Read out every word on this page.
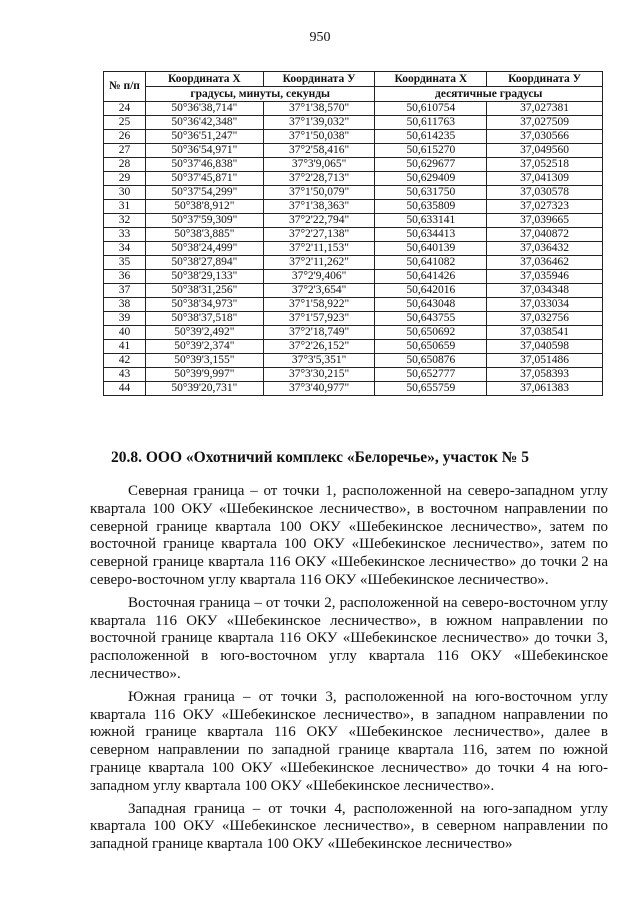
950
№ п/п	Координата X	Координата У	Координата X	Координата У
	градусы, минуты, секунды		десятичные градусы	
24	50°36'38,714"	37°1'38,570"	50,610754	37,027381
25	50°36'42,348"	37°1'39,032"	50,611763	37,027509
26	50°36'51,247"	37°1'50,038"	50,614235	37,030566
27	50°36'54,971"	37°2'58,416"	50,615270	37,049560
28	50°37'46,838"	37°3'9,065"	50,629677	37,052518
29	50°37'45,871"	37°2'28,713"	50,629409	37,041309
30	50°37'54,299"	37°1'50,079"	50,631750	37,030578
31	50°38'8,912"	37°1'38,363"	50,635809	37,027323
32	50°37'59,309"	37°2'22,794"	50,633141	37,039665
33	50°38'3,885"	37°2'27,138"	50,634413	37,040872
34	50°38'24,499"	37°2'11,153"	50,640139	37,036432
35	50°38'27,894"	37°2'11,262"	50,641082	37,036462
36	50°38'29,133"	37°2'9,406"	50,641426	37,035946
37	50°38'31,256"	37°2'3,654"	50,642016	37,034348
38	50°38'34,973"	37°1'58,922"	50,643048	37,033034
39	50°38'37,518"	37°1'57,923"	50,643755	37,032756
40	50°39'2,492"	37°2'18,749"	50,650692	37,038541
41	50°39'2,374"	37°2'26,152"	50,650659	37,040598
42	50°39'3,155"	37°3'5,351"	50,650876	37,051486
43	50°39'9,997"	37°3'30,215"	50,652777	37,058393
44	50°39'20,731"	37°3'40,977"	50,655759	37,061383
20.8. ООО «Охотничий комплекс «Белоречье», участок № 5

Северная граница – от точки 1, расположенной на северо-западном углу квартала 100 ОКУ «Шебекинское лесничество», в восточном направлении по северной границе квартала 100 ОКУ «Шебекинское лесничество», затем по восточной границе квартала 100 ОКУ «Шебекинское лесничество», затем по северной границе квартала 116 ОКУ «Шебекинское лесничество» до точки 2 на северо-восточном углу квартала 116 ОКУ «Шебекинское лесничество».

Восточная граница – от точки 2, расположенной на северо-восточном углу квартала 116 ОКУ «Шебекинское лесничество», в южном направлении по восточной границе квартала 116 ОКУ «Шебекинское лесничество» до точки 3, расположенной в юго-восточном углу квартала 116 ОКУ «Шебекинское лесничество».

Южная граница – от точки 3, расположенной на юго-восточном углу квартала 116 ОКУ «Шебекинское лесничество», в западном направлении по южной границе квартала 116 ОКУ «Шебекинское лесничество», далее в северном направлении по западной границе квартала 116, затем по южной границе квартала 100 ОКУ «Шебекинское лесничество» до точки 4 на юго-западном углу квартала 100 ОКУ «Шебекинское лесничество».

Западная граница – от точки 4, расположенной на юго-западном углу квартала 100 ОКУ «Шебекинское лесничество», в северном направлении по западной границе квартала 100 ОКУ «Шебекинское лесничество»
